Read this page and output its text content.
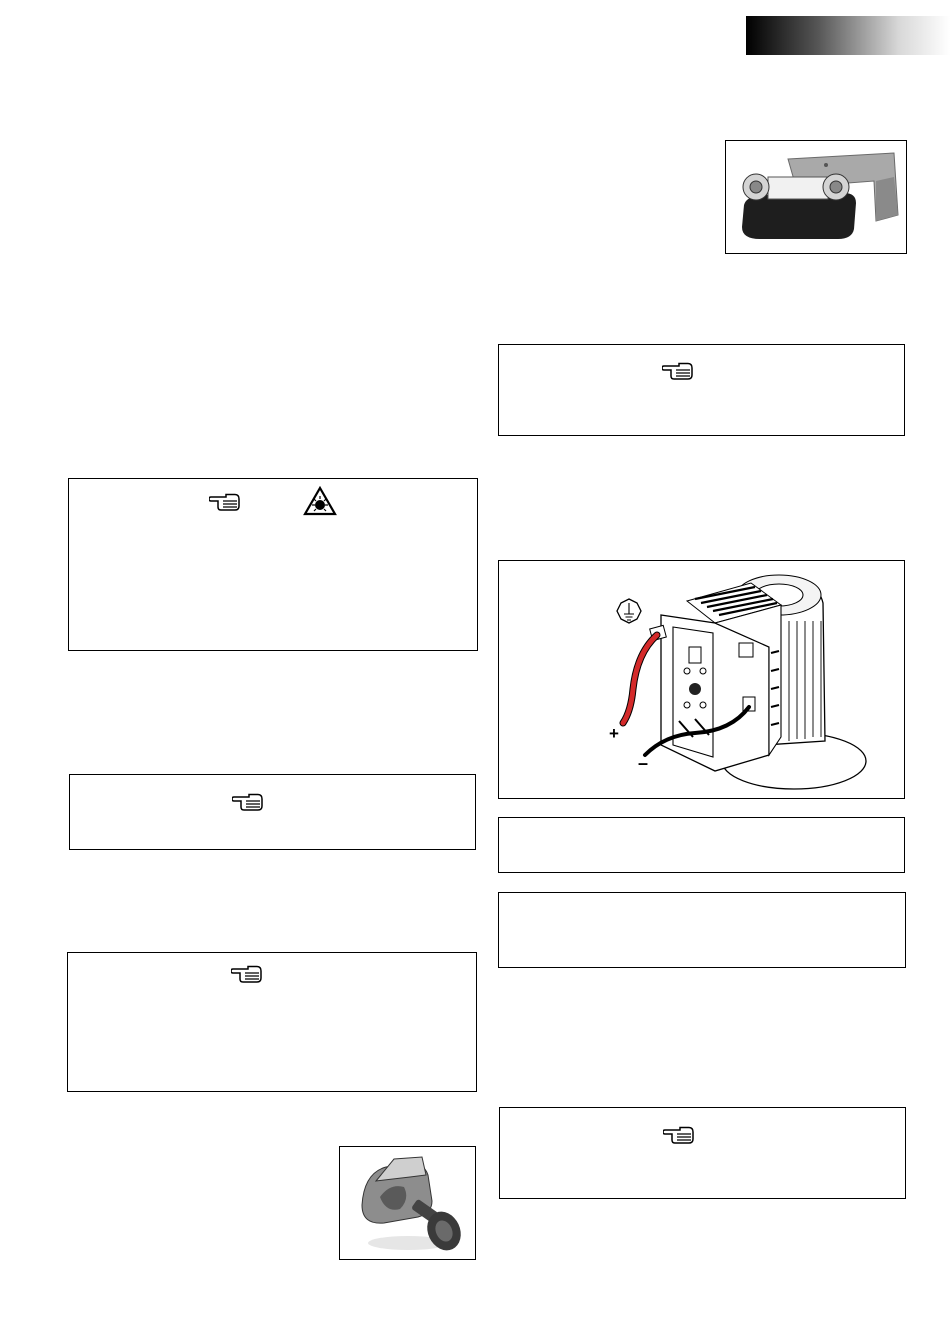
+
–
